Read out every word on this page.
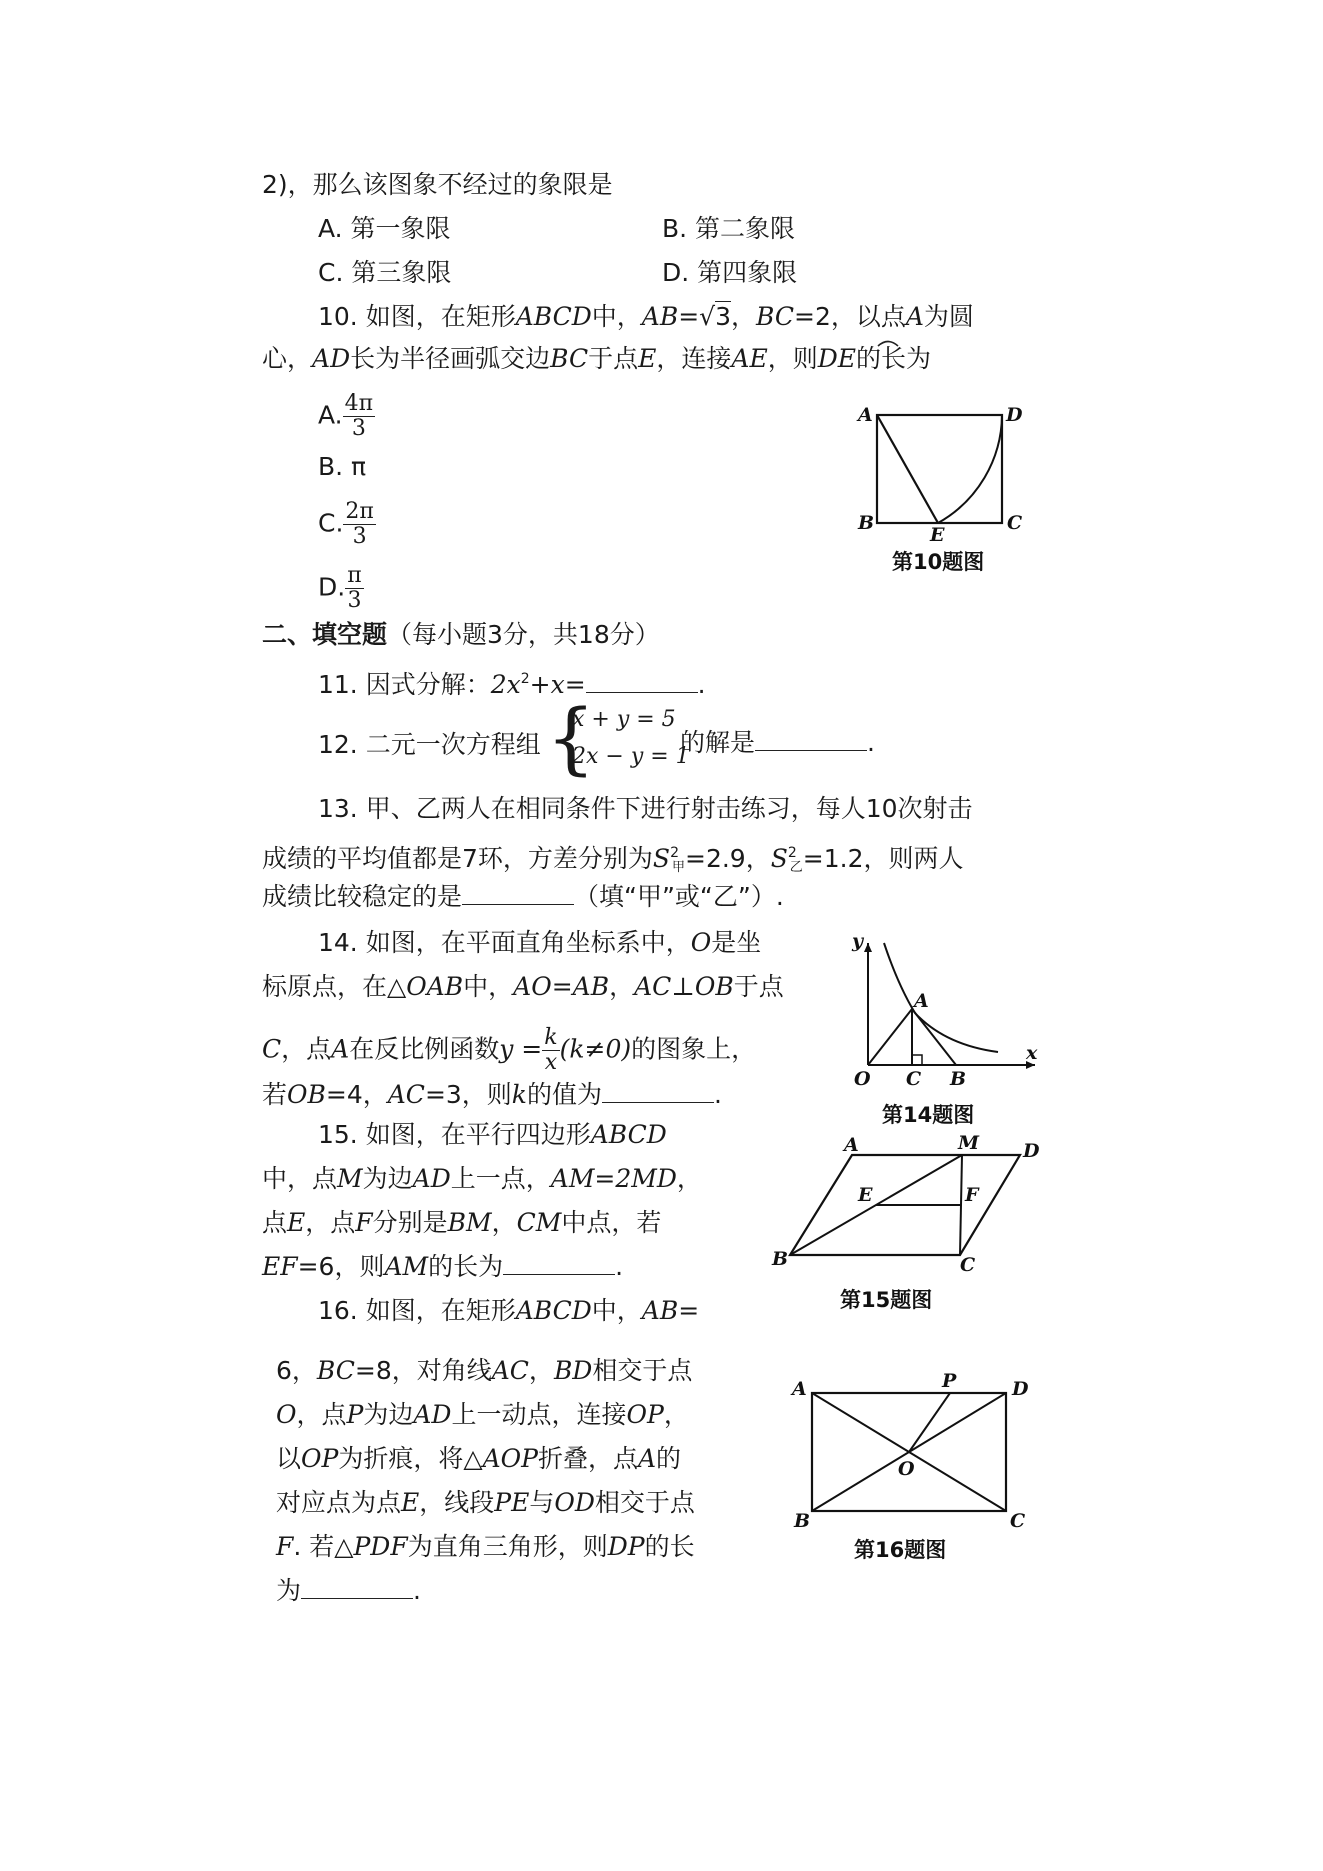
2)，那么该图象不经过的象限是
A. 第一象限	B. 第二象限
C. 第三象限	D. 第四象限
10. 如图，在矩形ABCD中，AB=√3，BC=2，以点A为圆
心，AD长为半径画弧交边BC于点E，连接AE，则DE的长为
A. $\frac{4\pi}{3}$
B. π
C. $\frac{2\pi}{3}$
D. $\frac{\pi}{3}$
A	D
B	C
E
第10题图
二、填空题（每小题3分，共18分）
11. 因式分解：$2x^2+x=$	.
12. 二元一次方程组 {
x + y = 5
2x − y = 1
的解是	.
13. 甲、乙两人在相同条件下进行射击练习，每人10次射击
成绩的平均值都是7环，方差分别为$S^2_甲=2.9$，$S^2_乙=1.2$，则两人
成绩比较稳定的是	（填“甲”或“乙”）.
14. 如图，在平面直角坐标系中，O是坐
标原点，在△OAB中，AO=AB，AC⊥OB于点
C，点A在反比例函数$y = \frac{k}{x} (k\ne 0)$的图象上，
若OB=4，AC=3，则k的值为	.
y
x
O
A
C B
第14题图
15. 如图，在平行四边形ABCD
中，点M为边AD上一点，AM=2MD，
点E，点F分别是BM，CM中点，若
EF=6，则AM的长为	.
A	M D
E	F
B	C
第15题图
16. 如图，在矩形ABCD中，AB=
6，BC=8，对角线AC，BD相交于点
O，点P为边AD上一动点，连接OP，
以OP为折痕，将△AOP折叠，点A的
对应点为点E，线段PE与OD相交于点
F. 若△PDF为直角三角形，则DP的长
为	.
A	P	D
O
B	C
第16题图
